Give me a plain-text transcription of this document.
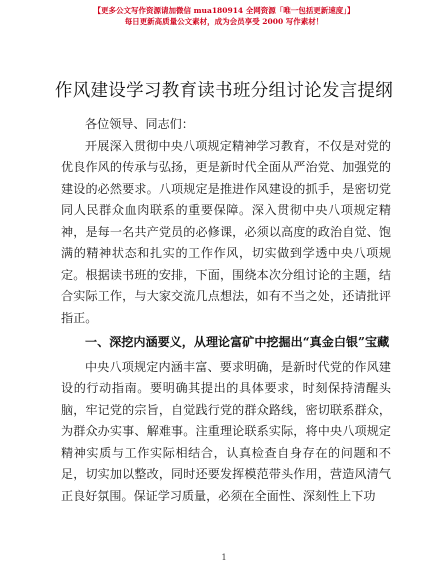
【更多公文写作资源请加微信 mua180914 全网资源「唯一包括更新速度」】
每日更新高质量公文素材，成为会员享受 2000 写作素材！
作风建设学习教育读书班分组讨论发言提纲

各位领导、同志们：

开展深入贯彻中央八项规定精神学习教育，不仅是对党的优良作风的传承与弘扬，更是新时代全面从严治党、加强党的建设的必然要求。八项规定是推进作风建设的抓手，是密切党同人民群众血肉联系的重要保障。深入贯彻中央八项规定精神，是每一名共产党员的必修课，必须以高度的政治自觉、饱满的精神状态和扎实的工作作风，切实做到学透中央八项规定。根据读书班的安排，下面，围绕本次分组讨论的主题，结合实际工作，与大家交流几点想法，如有不当之处，还请批评指正。

一、深挖内涵要义，从理论富矿中挖掘出“真金白银”宝藏

中央八项规定内涵丰富、要求明确，是新时代党的作风建设的行动指南。要明确其提出的具体要求，时刻保持清醒头脑，牢记党的宗旨，自觉践行党的群众路线，密切联系群众，为群众办实事、解难事。注重理论联系实际，将中央八项规定精神实质与工作实际相结合，认真检查自身存在的问题和不足，切实加以整改，同时还要发挥模范带头作用，营造风清气正良好氛围。保证学习质量，必须在全面性、深刻性上下功

1
